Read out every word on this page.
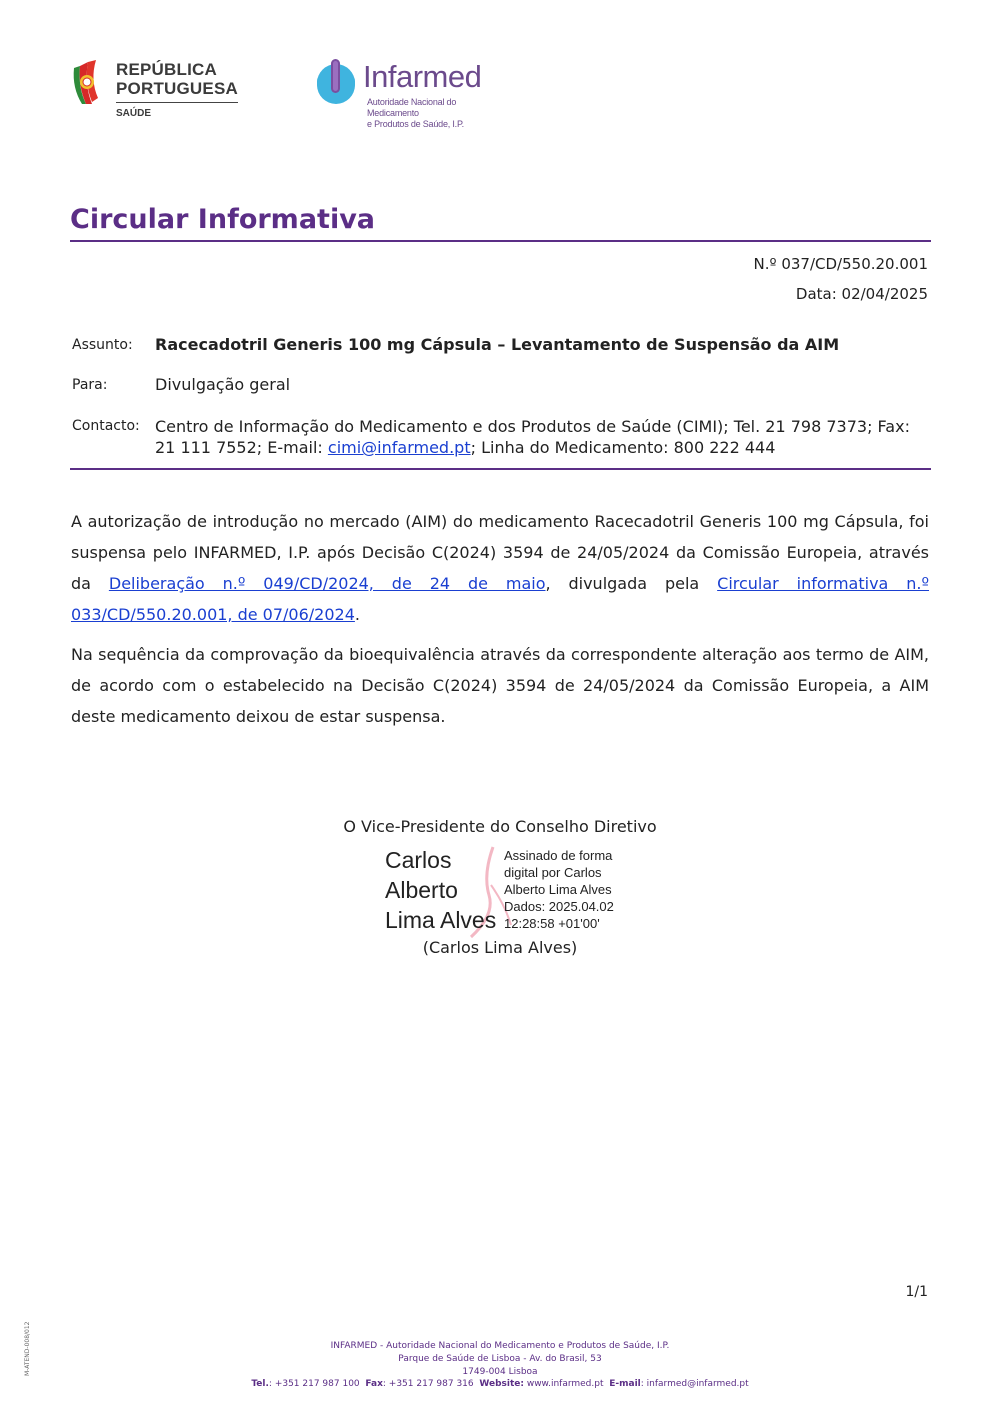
REPÚBLICA
PORTUGUESA
SAÚDE
Infarmed
Autoridade Nacional do Medicamento
e Produtos de Saúde, I.P.
Circular Informativa
N.º 037/CD/550.20.001
Data: 02/04/2025
Assunto: Racecadotril Generis 100 mg Cápsula – Levantamento de Suspensão da AIM
Para:	Divulgação geral
Contacto: Centro de Informação do Medicamento e dos Produtos de Saúde (CIMI); Tel. 21 798 7373; Fax: 21 111 7552; E-mail: cimi@infarmed.pt; Linha do Medicamento: 800 222 444
A autorização de introdução no mercado (AIM) do medicamento Racecadotril Generis 100 mg Cápsula, foi suspensa pelo INFARMED, I.P. após Decisão C(2024) 3594 de 24/05/2024 da Comissão Europeia, através da Deliberação n.º 049/CD/2024, de 24 de maio, divulgada pela Circular informativa n.º 033/CD/550.20.001, de 07/06/2024.
Na sequência da comprovação da bioequivalência através da correspondente alteração aos termo de AIM, de acordo com o estabelecido na Decisão C(2024) 3594 de 24/05/2024 da Comissão Europeia, a AIM deste medicamento deixou de estar suspensa.
O Vice-Presidente do Conselho Diretivo
Carlos
Alberto
Lima Alves
Assinado de forma
digital por Carlos
Alberto Lima Alves
Dados: 2025.04.02
12:28:58 +01'00'
(Carlos Lima Alves)
1/1
M-ATEND-008/012	INFARMED - Autoridade Nacional do Medicamento e Produtos de Saúde, I.P.
Parque de Saúde de Lisboa - Av. do Brasil, 53
1749-004 Lisboa
Tel.: +351 217 987 100 Fax: +351 217 987 316 Website: www.infarmed.pt E-mail: infarmed@infarmed.pt
